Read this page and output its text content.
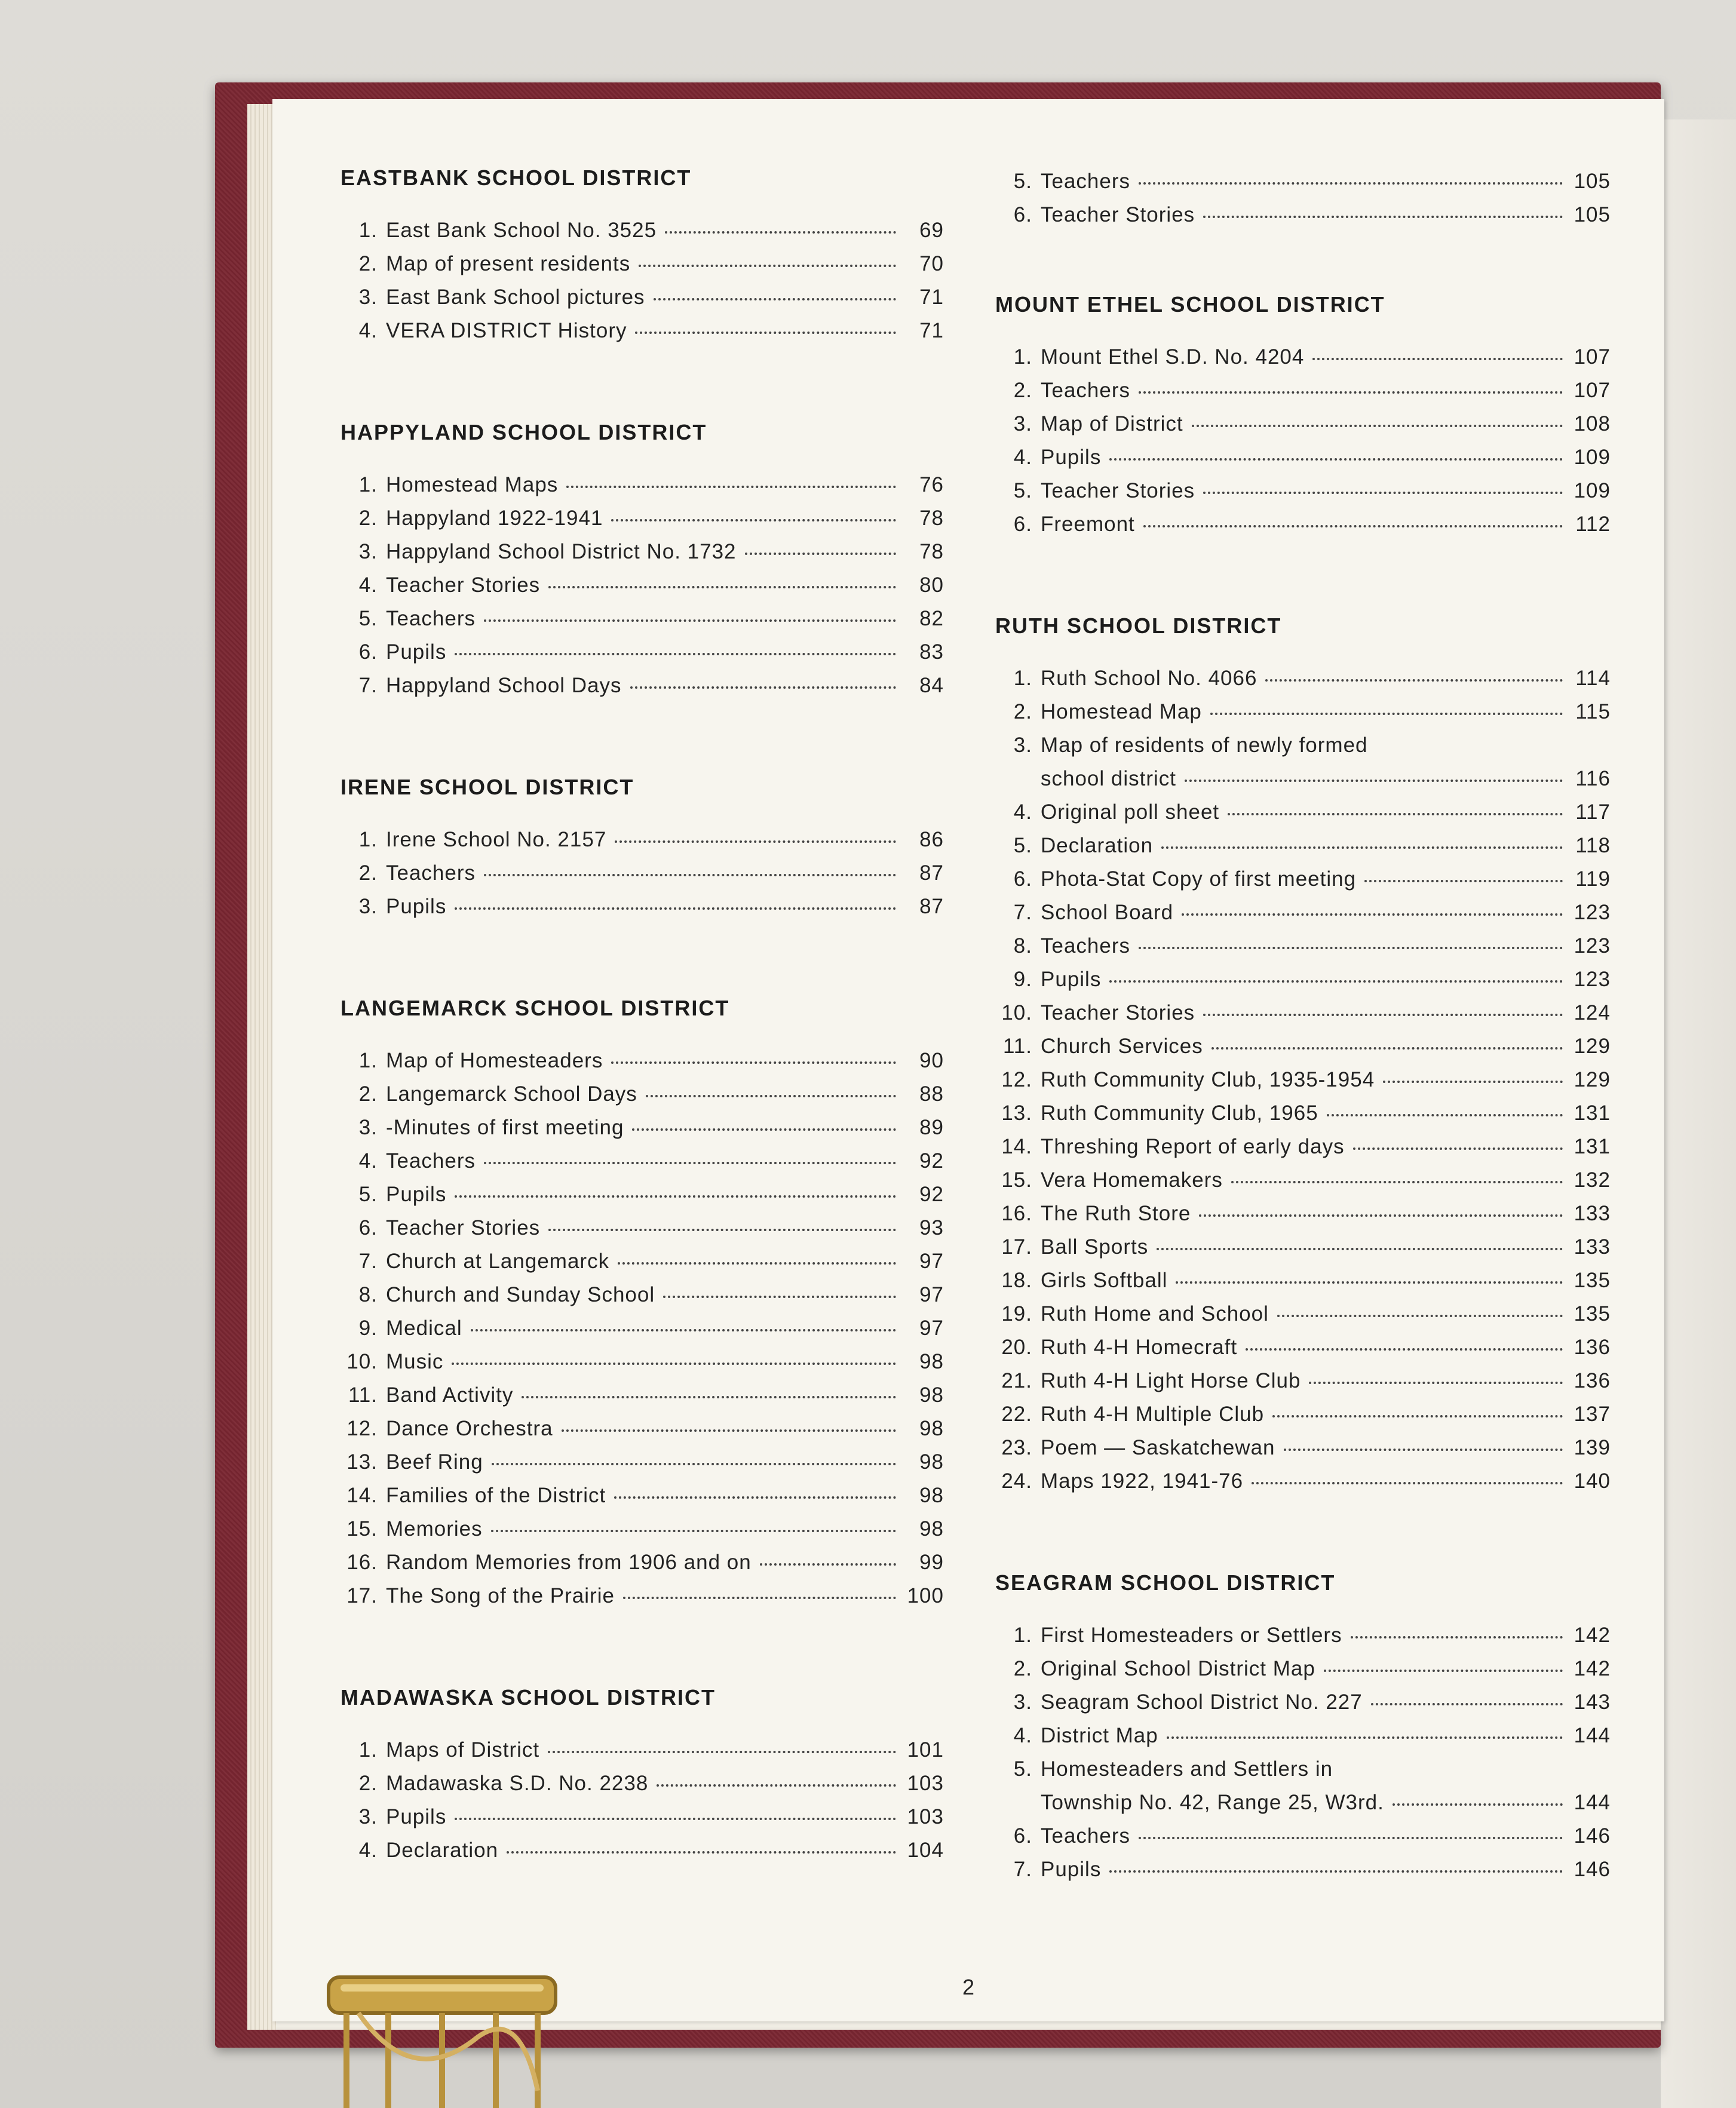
EASTBANK SCHOOL DISTRICT
1. East Bank School No. 3525	69
2. Map of present residents	70
3. East Bank School pictures	71
4. VERA DISTRICT History	71
HAPPYLAND SCHOOL DISTRICT
1. Homestead Maps	76
2. Happyland 1922-1941	78
3. Happyland School District No. 1732	78
4. Teacher Stories	80
5. Teachers	82
6. Pupils	83
7. Happyland School Days	84
IRENE SCHOOL DISTRICT
1. Irene School No. 2157	86
2. Teachers	87
3. Pupils	87
LANGEMARCK SCHOOL DISTRICT
1. Map of Homesteaders	90
2. Langemarck School Days	88
3. -Minutes of first meeting	89
4. Teachers	92
5. Pupils	92
6. Teacher Stories	93
7. Church at Langemarck	97
8. Church and Sunday School	97
9. Medical	97
10. Music	98
11. Band Activity	98
12. Dance Orchestra	98
13. Beef Ring	98
14. Families of the District	98
15. Memories	98
16. Random Memories from 1906 and on	99
17. The Song of the Prairie	100
MADAWASKA SCHOOL DISTRICT
1. Maps of District	101
2. Madawaska S.D. No. 2238	103
3. Pupils	103
4. Declaration	104
5. Teachers	105
6. Teacher Stories	105
MOUNT ETHEL SCHOOL DISTRICT
1. Mount Ethel S.D. No. 4204	107
2. Teachers	107
3. Map of District	108
4. Pupils	109
5. Teacher Stories	109
6. Freemont	112
RUTH SCHOOL DISTRICT
1. Ruth School No. 4066	114
2. Homestead Map	115
3. Map of residents of newly formed
school district	116
4. Original poll sheet	117
5. Declaration	118
6. Phota-Stat Copy of first meeting	119
7. School Board	123
8. Teachers	123
9. Pupils	123
10. Teacher Stories	124
11. Church Services	129
12. Ruth Community Club, 1935-1954	129
13. Ruth Community Club, 1965	131
14. Threshing Report of early days	131
15. Vera Homemakers	132
16. The Ruth Store	133
17. Ball Sports	133
18. Girls Softball	135
19. Ruth Home and School	135
20. Ruth 4-H Homecraft	136
21. Ruth 4-H Light Horse Club	136
22. Ruth 4-H Multiple Club	137
23. Poem — Saskatchewan	139
24. Maps 1922, 1941-76	140
SEAGRAM SCHOOL DISTRICT
1. First Homesteaders or Settlers	142
2. Original School District Map	142
3. Seagram School District No. 227	143
4. District Map	144
5. Homesteaders and Settlers in
Township No. 42, Range 25, W3rd.	144
6. Teachers	146
7. Pupils	146
2
